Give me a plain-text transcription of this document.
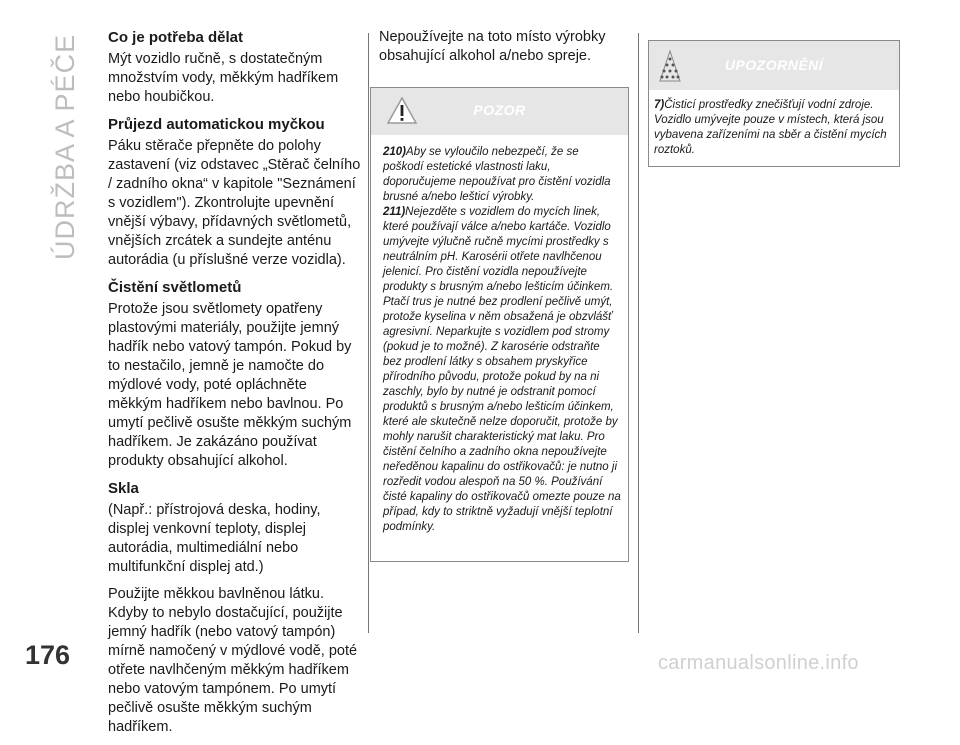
ÚDRŽBA A PÉČE Co je potřeba dělat

Mýt vozidlo ručně, s dostatečným množstvím vody, měkkým hadříkem nebo houbičkou.

Průjezd automatickou myčkou

Páku stěrače přepněte do polohy zastavení (viz odstavec „Stěrač čelního / zadního okna“ v kapitole "Seznámení s vozidlem"). Zkontrolujte upevnění vnější výbavy, přídavných světlometů, vnějších zrcátek a sundejte anténu autorádia (u příslušné verze vozidla).

Čistění světlometů

Protože jsou světlomety opatřeny plastovými materiály, použijte jemný hadřík nebo vatový tampón. Pokud by to nestačilo, jemně je namočte do mýdlové vody, poté opláchněte měkkým hadříkem nebo bavlnou. Po umytí pečlivě osušte měkkým suchým hadříkem. Je zakázáno používat produkty obsahující alkohol.

Skla

(Např.: přístrojová deska, hodiny, displej venkovní teploty, displej autorádia, multimediální nebo multifunkční displej atd.)

Použijte měkkou bavlněnou látku. Kdyby to nebylo dostačující, použijte jemný hadřík (nebo vatový tampón) mírně namočený v mýdlové vodě, poté otřete navlhčeným měkkým hadříkem nebo vatovým tampónem. Po umytí pečlivě osušte měkkým suchým hadříkem.

Nepoužívejte na toto místo výrobky obsahující alkohol a/nebo spreje.

POZOR

210)Aby se vyloučilo nebezpečí, že se poškodí estetické vlastnosti laku, doporučujeme nepoužívat pro čistění vozidla brusné a/nebo lešticí výrobky.

211)Nejezděte s vozidlem do mycích linek, které používají válce a/nebo kartáče. Vozidlo umývejte výlučně ručně mycími prostředky s neutrálním pH. Karosérii otřete navlhčenou jelenicí. Pro čistění vozidla nepoužívejte produkty s brusným a/nebo lešticím účinkem. Ptačí trus je nutné bez prodlení pečlivě umýt, protože kyselina v něm obsažená je obzvlášť agresivní. Neparkujte s vozidlem pod stromy (pokud je to možné). Z karosérie odstraňte bez prodlení látky s obsahem pryskyřice přírodního původu, protože pokud by na ni zaschly, bylo by nutné je odstranit pomocí produktů s brusným a/nebo lešticím účinkem, které ale skutečně nelze doporučit, protože by mohly narušit charakteristický mat laku. Pro čistění čelního a zadního okna nepoužívejte neředěnou kapalinu do ostřikovačů: je nutno ji rozředit vodou alespoň na 50 %. Používání čisté kapaliny do ostřikovačů omezte pouze na případ, kdy to striktně vyžadují vnější teplotní podmínky.

UPOZORNĚNÍ

7)Čisticí prostředky znečišťují vodní zdroje. Vozidlo umývejte pouze v místech, která jsou vybavena zařízeními na sběr a čistění mycích roztoků.

176	carmanualsonline.info
